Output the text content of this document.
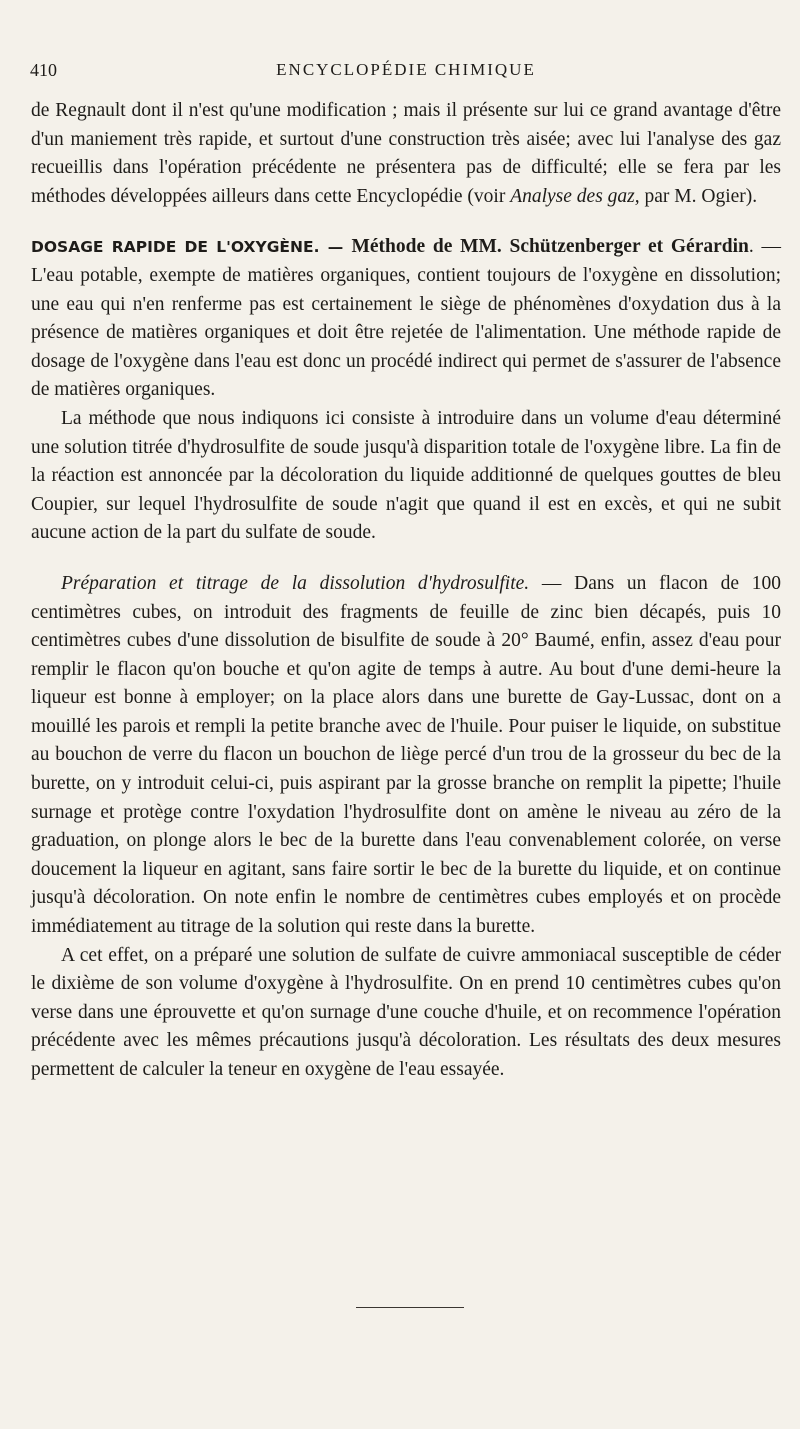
410	ENCYCLOPÉDIE CHIMIQUE

de Regnault dont il n'est qu'une modification ; mais il présente sur lui ce grand avantage d'être d'un maniement très rapide, et surtout d'une construction très aisée; avec lui l'analyse des gaz recueillis dans l'opération précédente ne présentera pas de difficulté; elle se fera par les méthodes développées ailleurs dans cette Encyclopédie (voir Analyse des gaz, par M. Ogier).

DOSAGE RAPIDE DE L'OXYGÈNE. — Méthode de MM. Schützenberger et Gérardin. — L'eau potable, exempte de matières organiques, contient toujours de l'oxygène en dissolution; une eau qui n'en renferme pas est certainement le siège de phénomènes d'oxydation dus à la présence de matières organiques et doit être rejetée de l'alimentation. Une méthode rapide de dosage de l'oxygène dans l'eau est donc un procédé indirect qui permet de s'assurer de l'absence de matières organiques.

La méthode que nous indiquons ici consiste à introduire dans un volume d'eau déterminé une solution titrée d'hydrosulfite de soude jusqu'à disparition totale de l'oxygène libre. La fin de la réaction est annoncée par la décoloration du liquide additionné de quelques gouttes de bleu Coupier, sur lequel l'hydrosulfite de soude n'agit que quand il est en excès, et qui ne subit aucune action de la part du sulfate de soude.

Préparation et titrage de la dissolution d'hydrosulfite. — Dans un flacon de 100 centimètres cubes, on introduit des fragments de feuille de zinc bien décapés, puis 10 centimètres cubes d'une dissolution de bisulfite de soude à 20° Baumé, enfin, assez d'eau pour remplir le flacon qu'on bouche et qu'on agite de temps à autre. Au bout d'une demi-heure la liqueur est bonne à employer; on la place alors dans une burette de Gay-Lussac, dont on a mouillé les parois et rempli la petite branche avec de l'huile. Pour puiser le liquide, on substitue au bouchon de verre du flacon un bouchon de liège percé d'un trou de la grosseur du bec de la burette, on y introduit celui-ci, puis aspirant par la grosse branche on remplit la pipette; l'huile surnage et protège contre l'oxydation l'hydrosulfite dont on amène le niveau au zéro de la graduation, on plonge alors le bec de la burette dans l'eau convenablement colorée, on verse doucement la liqueur en agitant, sans faire sortir le bec de la burette du liquide, et on continue jusqu'à décoloration. On note enfin le nombre de centimètres cubes employés et on procède immédiatement au titrage de la solution qui reste dans la burette.

A cet effet, on a préparé une solution de sulfate de cuivre ammoniacal susceptible de céder le dixième de son volume d'oxygène à l'hydrosulfite. On en prend 10 centimètres cubes qu'on verse dans une éprouvette et qu'on surnage d'une couche d'huile, et on recommence l'opération précédente avec les mêmes précautions jusqu'à décoloration. Les résultats des deux mesures permettent de calculer la teneur en oxygène de l'eau essayée.
